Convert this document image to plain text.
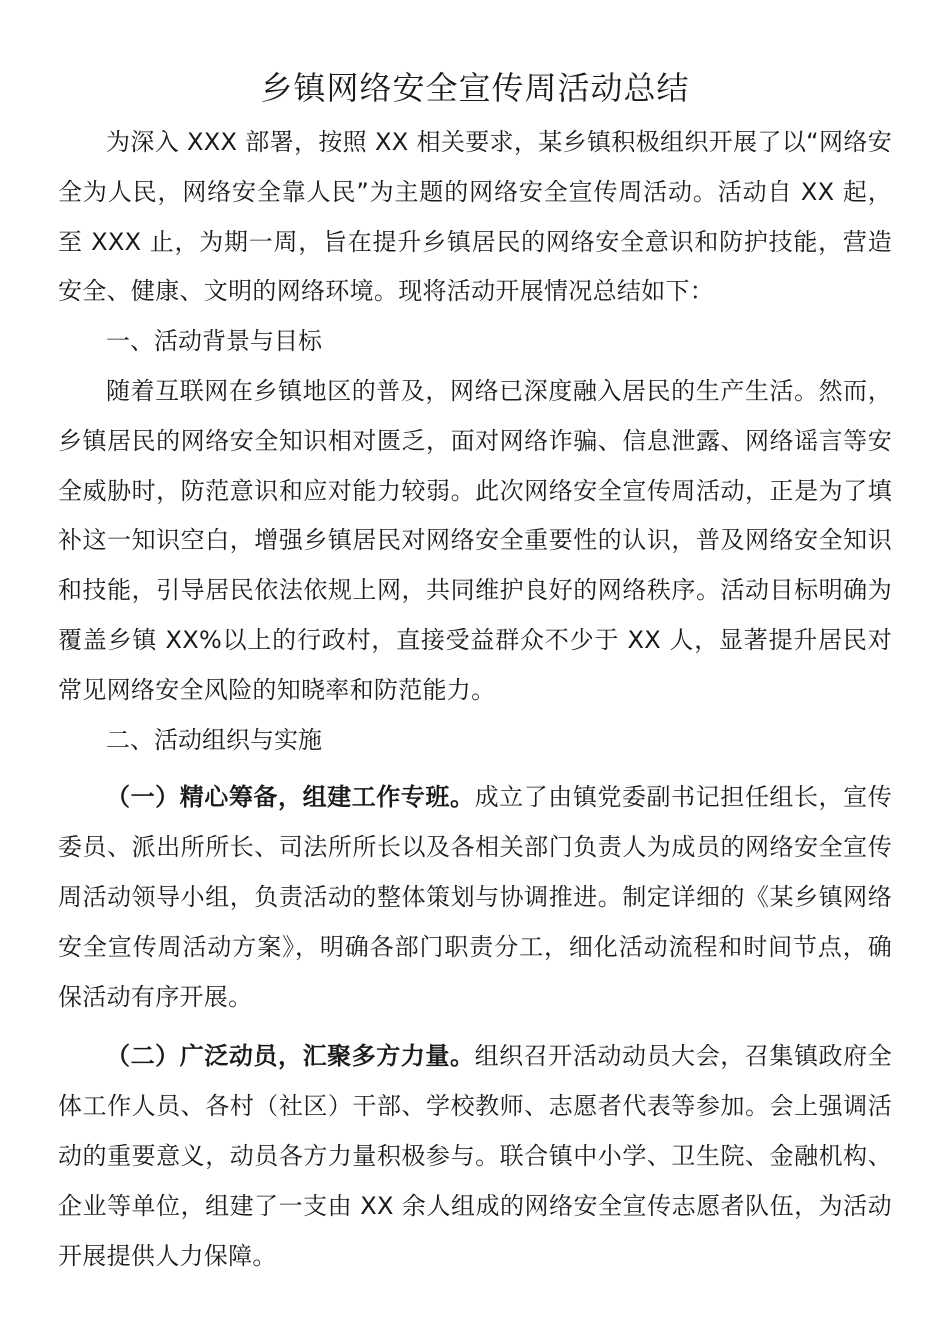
乡镇网络安全宣传周活动总结

为深入 XXX 部署，按照 XX 相关要求，某乡镇积极组织开展了以“网络安全为人民，网络安全靠人民”为主题的网络安全宣传周活动。活动自 XX 起，至 XXX 止，为期一周，旨在提升乡镇居民的网络安全意识和防护技能，营造安全、健康、文明的网络环境。现将活动开展情况总结如下：

一、活动背景与目标

随着互联网在乡镇地区的普及，网络已深度融入居民的生产生活。然而，乡镇居民的网络安全知识相对匮乏，面对网络诈骗、信息泄露、网络谣言等安全威胁时，防范意识和应对能力较弱。此次网络安全宣传周活动，正是为了填补这一知识空白，增强乡镇居民对网络安全重要性的认识，普及网络安全知识和技能，引导居民依法依规上网，共同维护良好的网络秩序。活动目标明确为覆盖乡镇 XX%以上的行政村，直接受益群众不少于 XX 人，显著提升居民对常见网络安全风险的知晓率和防范能力。

二、活动组织与实施

（一）精心筹备，组建工作专班。成立了由镇党委副书记担任组长，宣传委员、派出所所长、司法所所长以及各相关部门负责人为成员的网络安全宣传周活动领导小组，负责活动的整体策划与协调推进。制定详细的《某乡镇网络安全宣传周活动方案》，明确各部门职责分工，细化活动流程和时间节点，确保活动有序开展。

（二）广泛动员，汇聚多方力量。组织召开活动动员大会，召集镇政府全体工作人员、各村（社区）干部、学校教师、志愿者代表等参加。会上强调活动的重要意义，动员各方力量积极参与。联合镇中小学、卫生院、金融机构、企业等单位，组建了一支由 XX 余人组成的网络安全宣传志愿者队伍，为活动开展提供人力保障。
